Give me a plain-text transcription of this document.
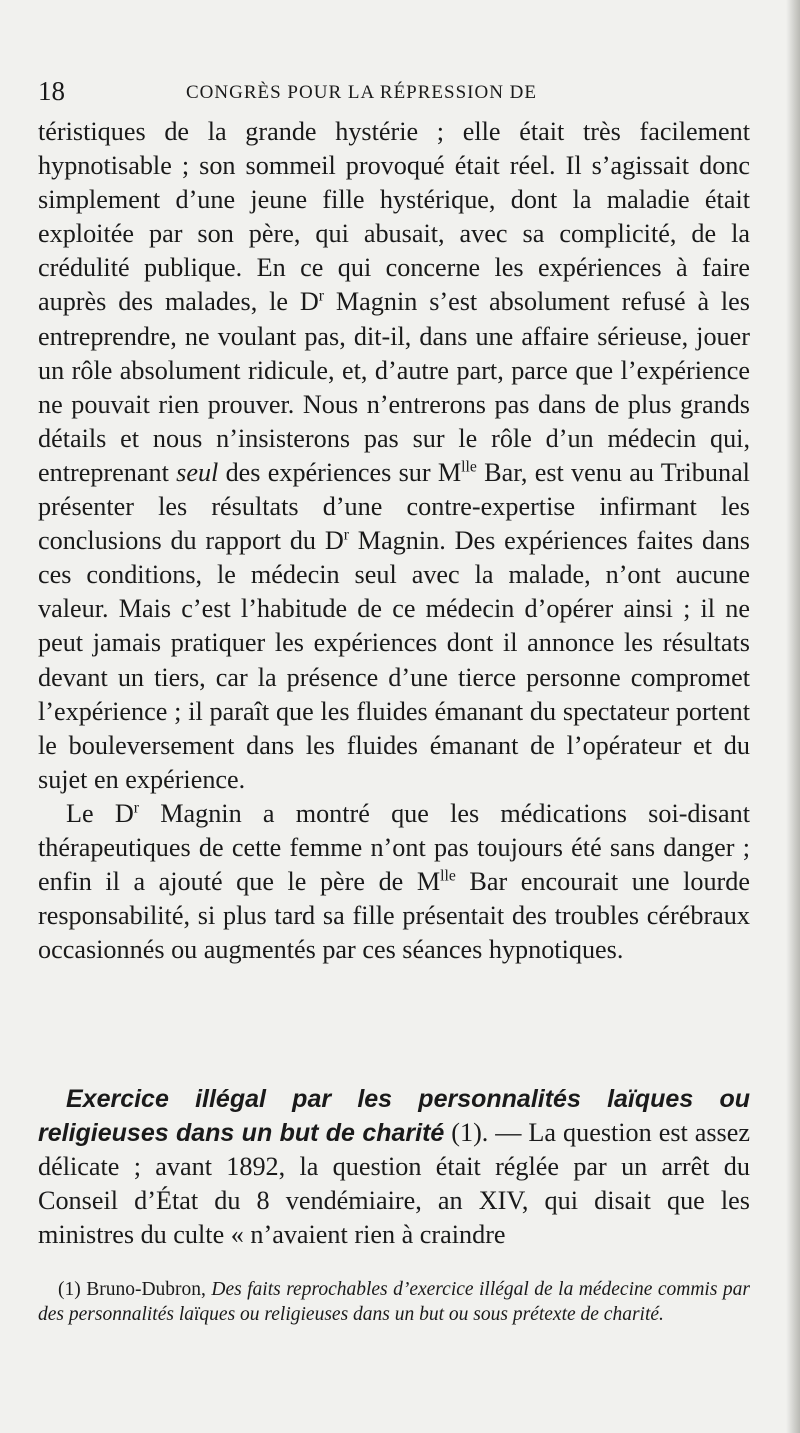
18	CONGRÈS POUR LA RÉPRESSION DE

téristiques de la grande hystérie ; elle était très facilement hypnotisable ; son sommeil provoqué était réel. Il s’agissait donc simplement d’une jeune fille hystérique, dont la maladie était exploitée par son père, qui abusait, avec sa complicité, de la crédulité publique. En ce qui concerne les expériences à faire auprès des malades, le $D^r$ Magnin s’est absolument refusé à les entreprendre, ne voulant pas, dit-il, dans une affaire sérieuse, jouer un rôle absolument ridicule, et, d’autre part, parce que l’expérience ne pouvait rien prouver. Nous n’entrerons pas dans de plus grands détails et nous n’insisterons pas sur le rôle d’un médecin qui, entreprenant seul des expériences sur $M^{lle}$ Bar, est venu au Tribunal présenter les résultats d’une contre-expertise infirmant les conclusions du rapport du $D^r$ Magnin. Des expériences faites dans ces conditions, le médecin seul avec la malade, n’ont aucune valeur. Mais c’est l’habitude de ce médecin d’opérer ainsi ; il ne peut jamais pratiquer les expériences dont il annonce les résultats devant un tiers, car la présence d’une tierce personne compromet l’expérience ; il paraît que les fluides émanant du spectateur portent le bouleversement dans les fluides émanant de l’opérateur et du sujet en expérience.

Le $D^r$ Magnin a montré que les médications soi-disant thérapeutiques de cette femme n’ont pas toujours été sans danger ; enfin il a ajouté que le père de $M^{lle}$ Bar encourait une lourde responsabilité, si plus tard sa fille présentait des troubles cérébraux occasionnés ou augmentés par ces séances hypnotiques.

Exercice illégal par les personnalités laïques ou religieuses dans un but de charité (1). — La question est assez délicate ; avant 1892, la question était réglée par un arrêt du Conseil d’État du 8 vendémiaire, an XIV, qui disait que les ministres du culte « n’avaient rien à craindre
(1) Bruno-Dubron, Des faits reprochables d’exercice illégal de la médecine commis par des personnalités laïques ou religieuses dans un but ou sous prétexte de charité.
